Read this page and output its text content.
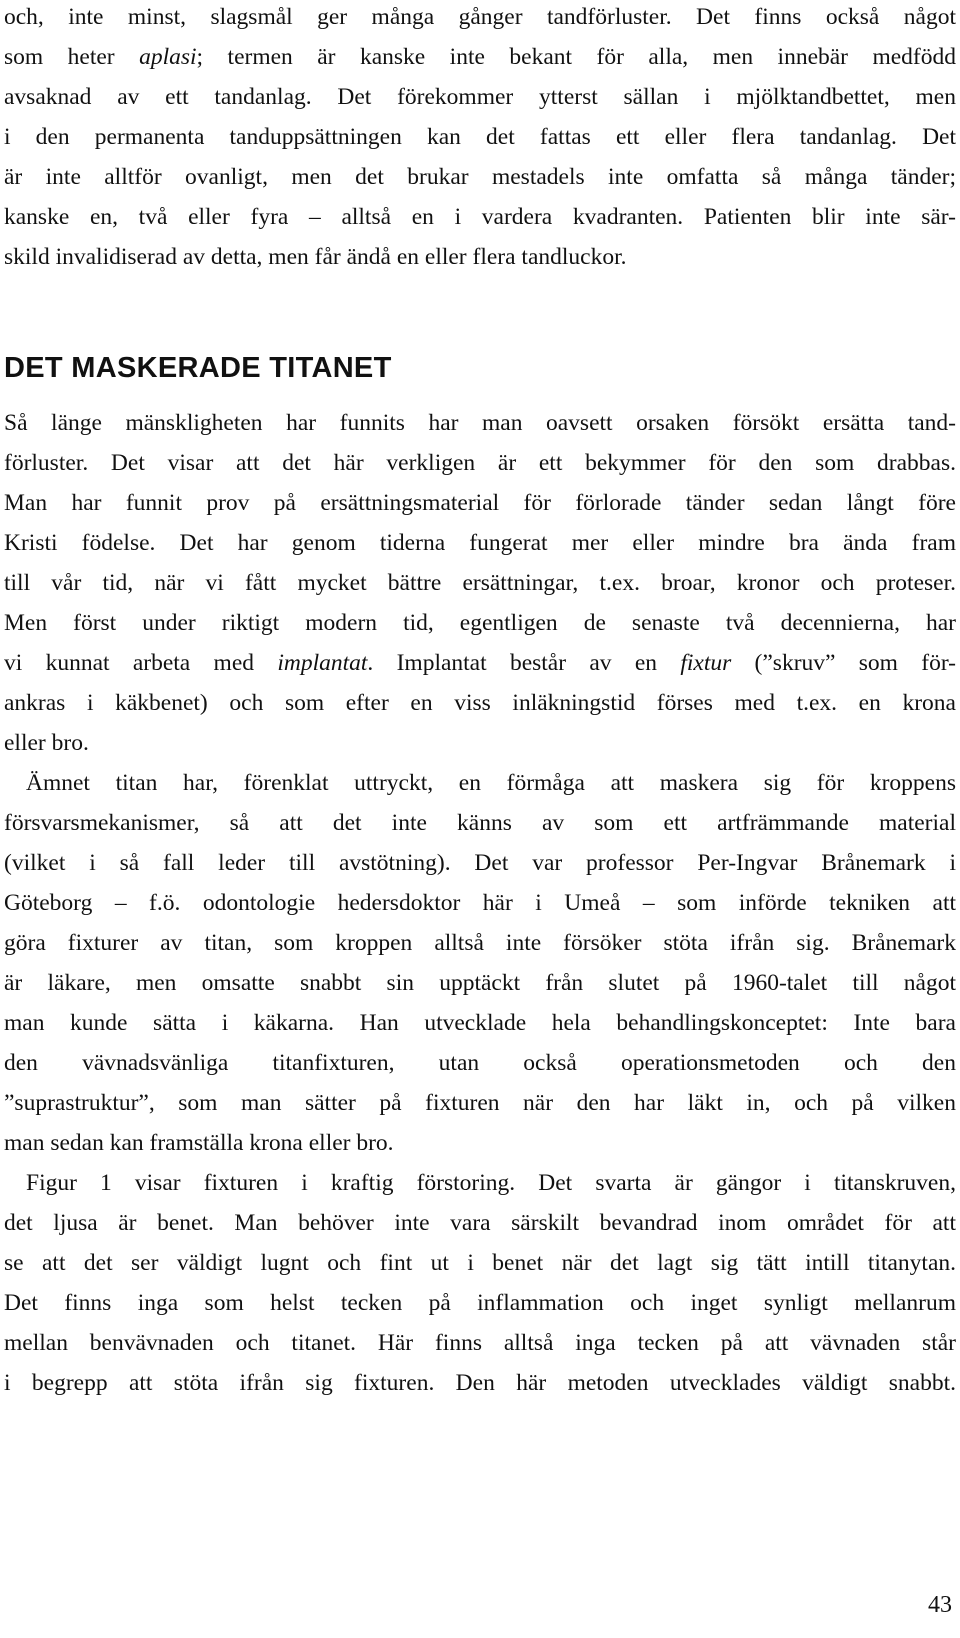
och, inte minst, slagsmål ger många gånger tandförluster. Det finns också något
som heter aplasi; termen är kanske inte bekant för alla, men innebär medfödd
avsaknad av ett tandanlag. Det förekommer ytterst sällan i mjölktandbettet, men
i den permanenta tanduppsättningen kan det fattas ett eller flera tandanlag. Det
är inte alltför ovanligt, men det brukar mestadels inte omfatta så många tänder;
kanske en, två eller fyra – alltså en i vardera kvadranten. Patienten blir inte sär-
skild invalidiserad av detta, men får ändå en eller flera tandluckor.
DET MASKERADE TITANET
Så länge mänskligheten har funnits har man oavsett orsaken försökt ersätta tand-
förluster. Det visar att det här verkligen är ett bekymmer för den som drabbas.
Man har funnit prov på ersättningsmaterial för förlorade tänder sedan långt före
Kristi födelse. Det har genom tiderna fungerat mer eller mindre bra ända fram
till vår tid, när vi fått mycket bättre ersättningar, t.ex. broar, kronor och proteser.
Men först under riktigt modern tid, egentligen de senaste två decennierna, har
vi kunnat arbeta med implantat. Implantat består av en fixtur (”skruv” som för-
ankras i käkbenet) och som efter en viss inläkningstid förses med t.ex. en krona
eller bro.
Ämnet titan har, förenklat uttryckt, en förmåga att maskera sig för kroppens
försvarsmekanismer, så att det inte känns av som ett artfrämmande material
(vilket i så fall leder till avstötning). Det var professor Per-Ingvar Brånemark i
Göteborg – f.ö. odontologie hedersdoktor här i Umeå – som införde tekniken att
göra fixturer av titan, som kroppen alltså inte försöker stöta ifrån sig. Brånemark
är läkare, men omsatte snabbt sin upptäckt från slutet på 1960-talet till något
man kunde sätta i käkarna. Han utvecklade hela behandlingskonceptet: Inte bara
den vävnadsvänliga titanfixturen, utan också operationsmetoden och den
”suprastruktur”, som man sätter på fixturen när den har läkt in, och på vilken
man sedan kan framställa krona eller bro.
Figur 1 visar fixturen i kraftig förstoring. Det svarta är gängor i titanskruven,
det ljusa är benet. Man behöver inte vara särskilt bevandrad inom området för att
se att det ser väldigt lugnt och fint ut i benet när det lagt sig tätt intill titanytan.
Det finns inga som helst tecken på inflammation och inget synligt mellanrum
mellan benvävnaden och titanet. Här finns alltså inga tecken på att vävnaden står
i begrepp att stöta ifrån sig fixturen. Den här metoden utvecklades väldigt snabbt.
43
